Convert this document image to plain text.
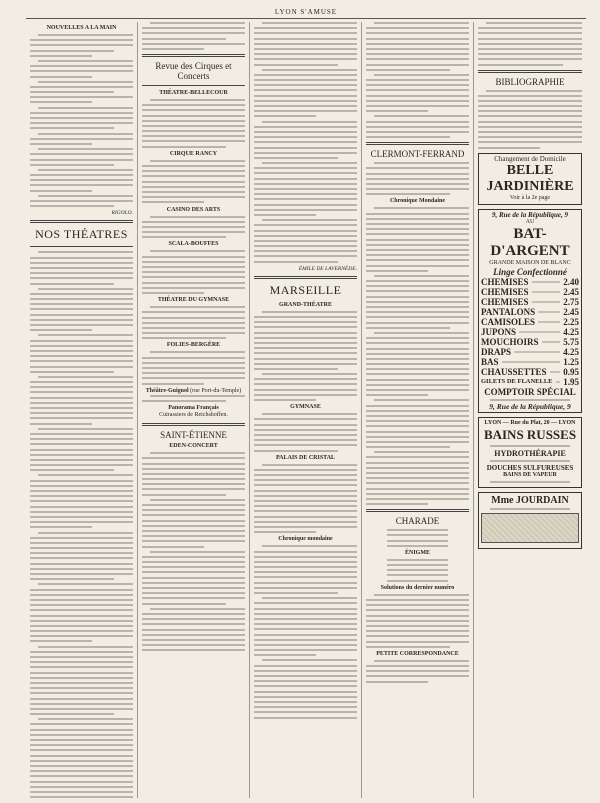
LYON S'AMUSE
NOUVELLES A LA MAIN
RIGOLO.
NOS THÉATRES
Revue des Cirques et Concerts
THÉATRE-BELLECOUR
CIRQUE RANCY
CASINO DES ARTS
SCALA-BOUFFES
THÉATRE DU GYMNASE
FOLIES-BERGÈRE
Théâtre-Guignol (rue Port-du-Temple)
Panorama Français
Cuirassiers de Reichshoffen.
SAINT-ÉTIENNE
EDEN-CONCERT
ÉMILE DE LAVERNÈDE.
MARSEILLE
GRAND-THÉATRE
GYMNASE
PALAIS DE CRISTAL
Chronique mondaine
CLERMONT-FERRAND
Chronique Mondaine
CHARADE
ÉNIGME
Solutions du dernier numéro
PETITE CORRESPONDANCE
BIBLIOGRAPHIE
Changement de Domicile
BELLE JARDINIÈRE
Voir à la 2e page
9, Rue de la République, 9
AU
BAT-D'ARGENT
GRANDE MAISON DE BLANC
Linge Confectionné
CHEMISES	2.40
CHEMISES	2.45
CHEMISES	2.75
PANTALONS	2.45
CAMISOLES	2.25
JUPONS	4.25
MOUCHOIRS	5.75
DRAPS	4.25
BAS	1.25
CHAUSSETTES 0.95
GILETS DE FLANELLE 1.95
COMPTOIR SPÉCIAL
9, Rue de la République, 9
LYON — Rue du Plat, 20 — LYON
BAINS RUSSES
HYDROTHÉRAPIE
DOUCHES SULFUREUSES
BAINS DE VAPEUR
Mme JOURDAIN
